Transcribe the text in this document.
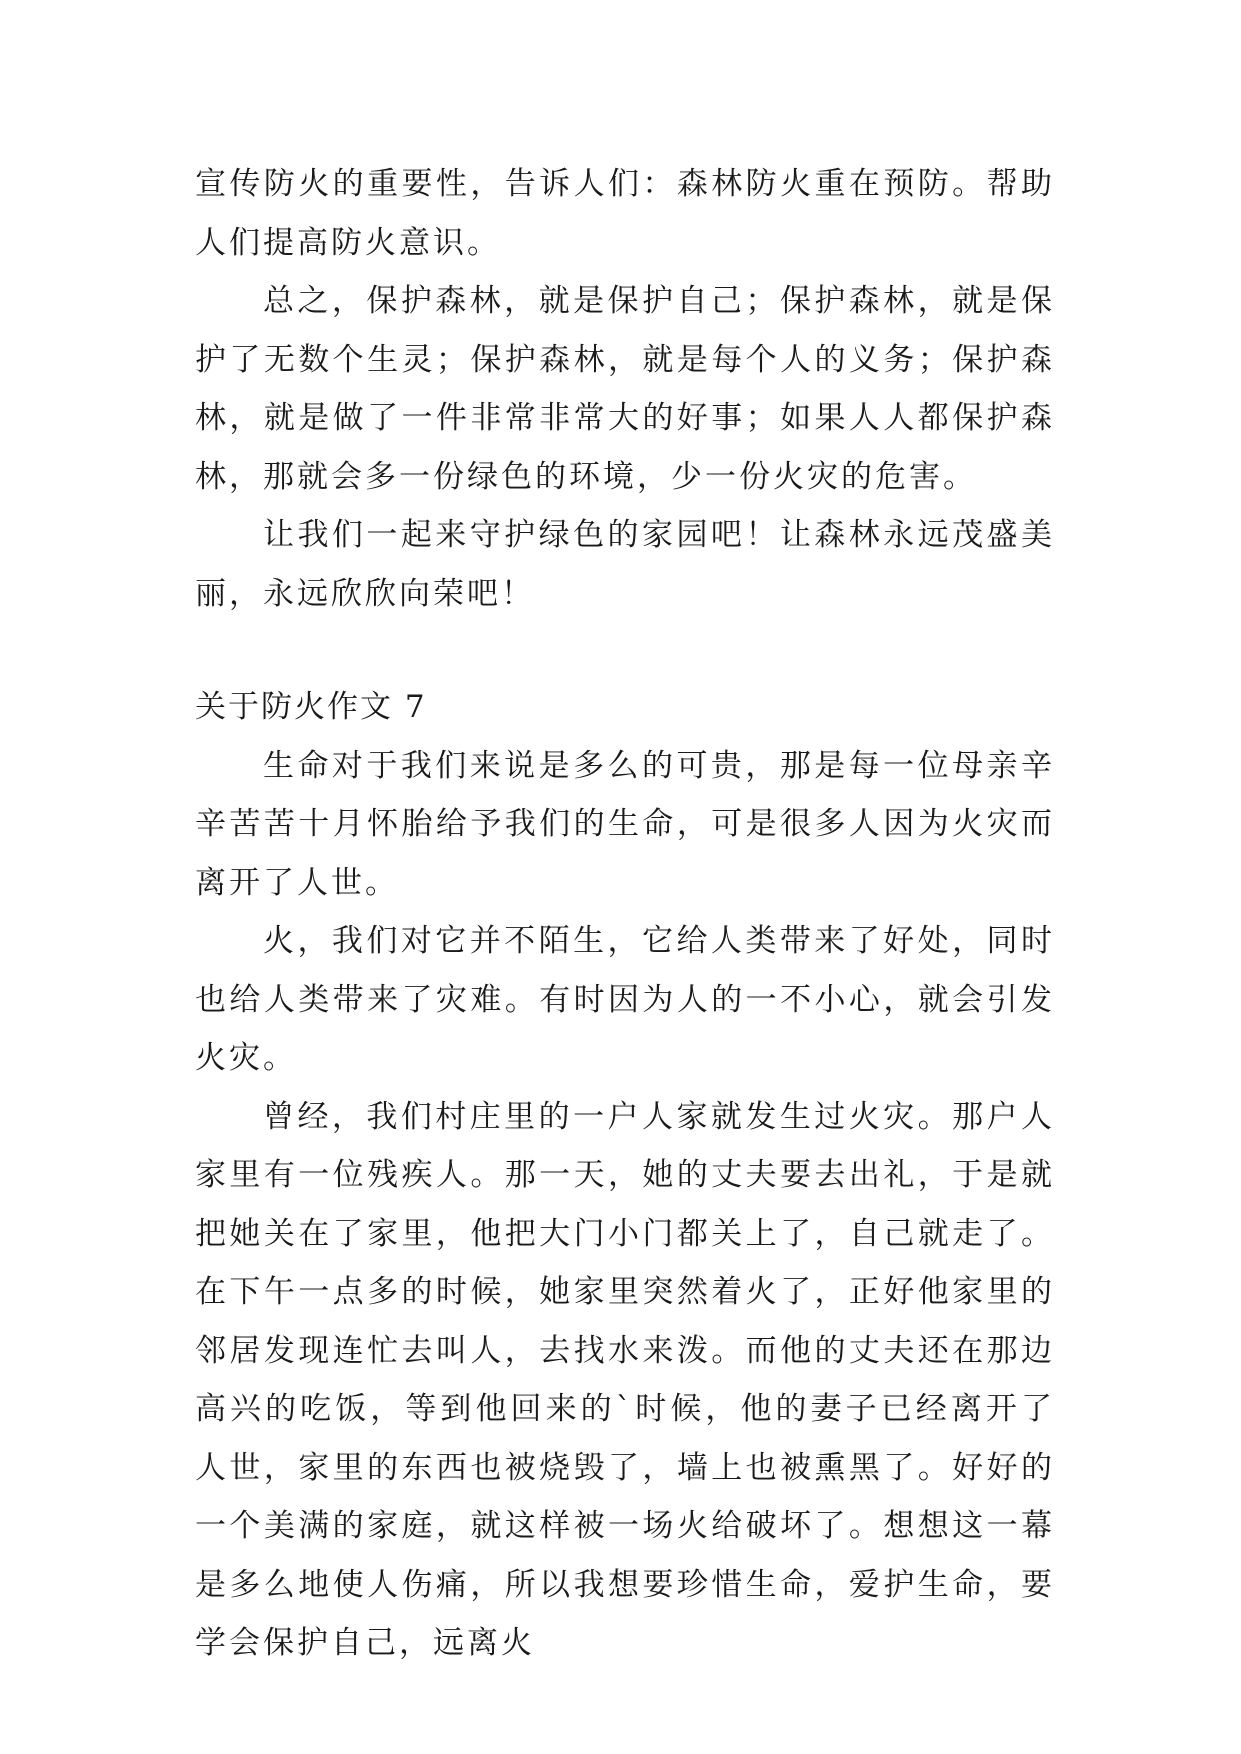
宣传防火的重要性，告诉人们：森林防火重在预防。帮助人们提高防火意识。

总之，保护森林，就是保护自己；保护森林，就是保护了无数个生灵；保护森林，就是每个人的义务；保护森林，就是做了一件非常非常大的好事；如果人人都保护森林，那就会多一份绿色的环境，少一份火灾的危害。

让我们一起来守护绿色的家园吧！让森林永远茂盛美丽，永远欣欣向荣吧！

关于防火作文 7

生命对于我们来说是多么的可贵，那是每一位母亲辛辛苦苦十月怀胎给予我们的生命，可是很多人因为火灾而离开了人世。

火，我们对它并不陌生，它给人类带来了好处，同时也给人类带来了灾难。有时因为人的一不小心，就会引发火灾。

曾经，我们村庄里的一户人家就发生过火灾。那户人家里有一位残疾人。那一天，她的丈夫要去出礼，于是就把她关在了家里，他把大门小门都关上了，自己就走了。在下午一点多的时候，她家里突然着火了，正好他家里的邻居发现连忙去叫人，去找水来泼。而他的丈夫还在那边高兴的吃饭，等到他回来的`时候，他的妻子已经离开了人世，家里的东西也被烧毁了，墙上也被熏黑了。好好的一个美满的家庭，就这样被一场火给破坏了。想想这一幕是多么地使人伤痛，所以我想要珍惜生命，爱护生命，要学会保护自己，远离火
